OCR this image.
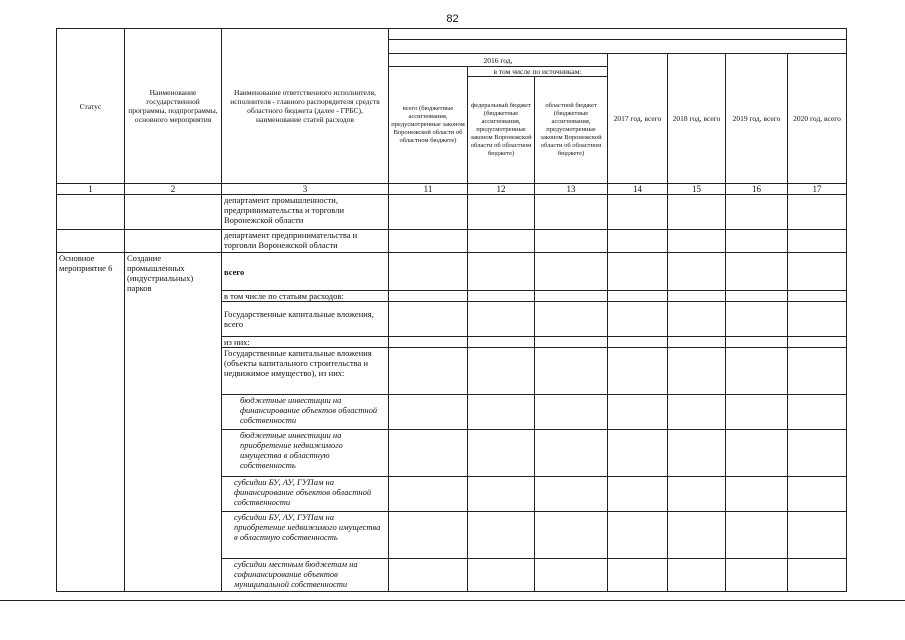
82
Статус	Наименование государственной программы, подпрограммы, основного мероприятия	Наименование ответственного исполнителя, исполнителя - главного распорядителя средств областного бюджета (далее - ГРБС), наименование статей расходов							

			2016 год,			2017 год, всего	2018 год, всего	2019 год, всего	2020 год, всего
			всего (бюджетные ассигнования, предусмотренные законом Воронежской области об областном бюджете)	в том числе по источникам:					
				федеральный бюджет (бюджетные ассигнования, предусмотренные законом Воронежской области об областном бюджете)	областной бюджет (бюджетные ассигнования, предусмотренные законом Воронежской области об областном бюджете)				
1	2	3	11	12	13	14	15	16	17
		департамент промышленности, предпринимательства и торговли Воронежской области							
		департамент предпринимательства и торговли Воронежской области							
Основное мероприятие 6	Создание промышленных (индустриальных) парков	всего							
		в том числе по статьям расходов:							
		Государственные капитальные вложения, всего							
		из них:							
		Государственные капитальные вложения (объекты капитального строительства и недвижимое имущество), из них:							
		бюджетные инвестиции на финансирование объектов областной собственности							
		бюджетные инвестиции на приобретение недвижимого имущества в областную собственность							
		субсидии БУ, АУ, ГУПам на финансирование объектов областной собственности							
		субсидии БУ, АУ, ГУПам на приобретение недвижимого имущества в областную собственность							
		субсидии местным бюджетам на софинансирование объектов муниципальной собственности							
